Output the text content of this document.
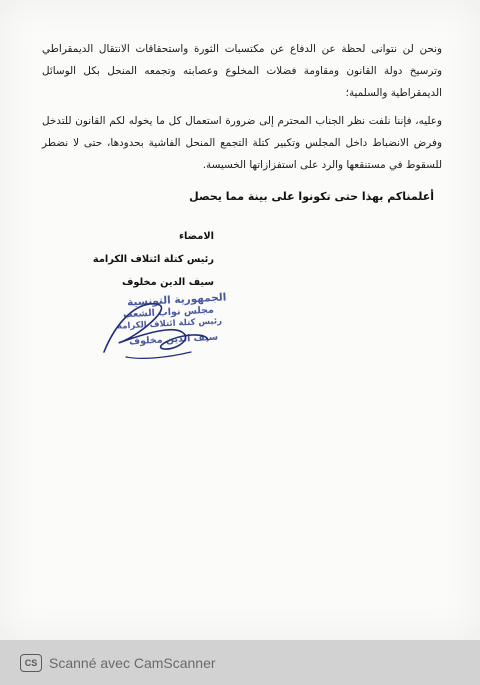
ونحن لن نتوانى لحظة عن الدفاع عن مكتسبات الثورة واستحقاقات الانتقال الديمقراطي وترسيخ دولة القانون ومقاومة فضلات المخلوع وعصابته وتجمعه المنحل بكل الوسائل الديمقراطية والسلمية؛
وعليه، فإننا نلفت نظر الجناب المحترم إلى ضرورة استعمال كل ما يخوله لكم القانون للتدخل وفرض الانضباط داخل المجلس وتكبير كتلة التجمع المنحل الفاشية بحدودها، حتى لا نضطر للسقوط في مستنقعها والرد على استفزازاتها الخسيسة.
أعلمناكم بهذا حتى تكونوا على بينة مما يحصل
الامضاء
رئيس كتلة ائتلاف الكرامة
سيف الدين مخلوف
الجمهورية التونسية
مجلس نواب الشعب
رئيس كتلة ائتلاف الكرامة
سيف الدين مخلوف
CS Scanné avec CamScanner
